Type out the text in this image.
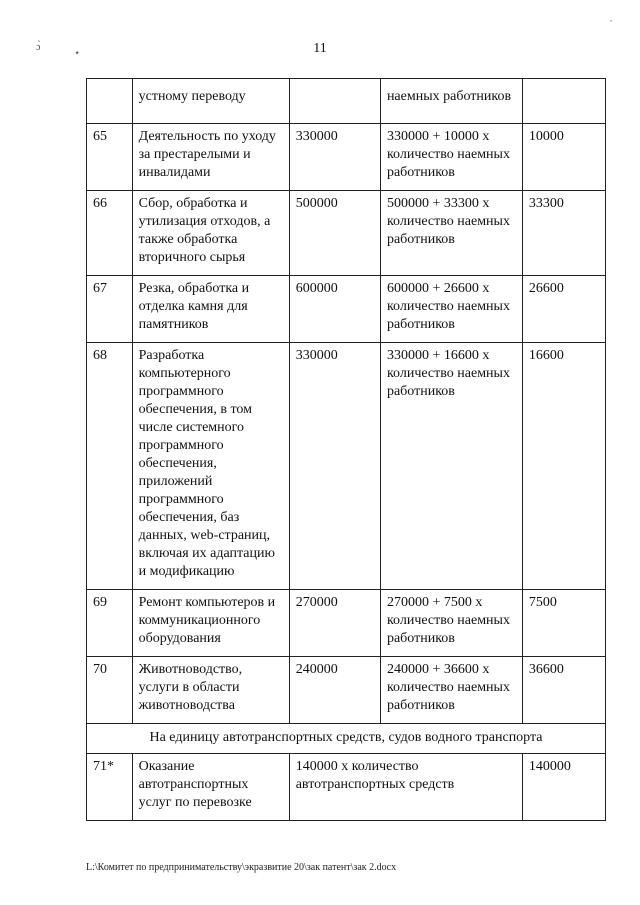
,
ɔ̀	٭	11
	устному переводу		наемных работников	
65	Деятельность по уходу за престарелыми и инвалидами	330000	330000 + 10000 х количество наемных работников	10000
66	Сбор, обработка и утилизация отходов, а также обработка вторичного сырья	500000	500000 + 33300 х количество наемных работников	33300
67	Резка, обработка и отделка камня для памятников	600000	600000 + 26600 х количество наемных работников	26600
68	Разработка компьютерного программного обеспечения, в том числе системного программного обеспечения, приложений программного обеспечения, баз данных, web-страниц, включая их адаптацию и модификацию	330000	330000 + 16600 х количество наемных работников	16600
69	Ремонт компьютеров и коммуникационного оборудования	270000	270000 + 7500 х количество наемных работников	7500
70	Животноводство, услуги в области животноводства	240000	240000 + 36600 х количество наемных работников	36600
На единицу автотранспортных средств, судов водного транспорта				
71*	Оказание автотранспортных услуг по перевозке	140000 х количество автотранспортных средств		140000
L:\Комитет по предпринимательству\экразвитие 20\зак патент\зак 2.docx
